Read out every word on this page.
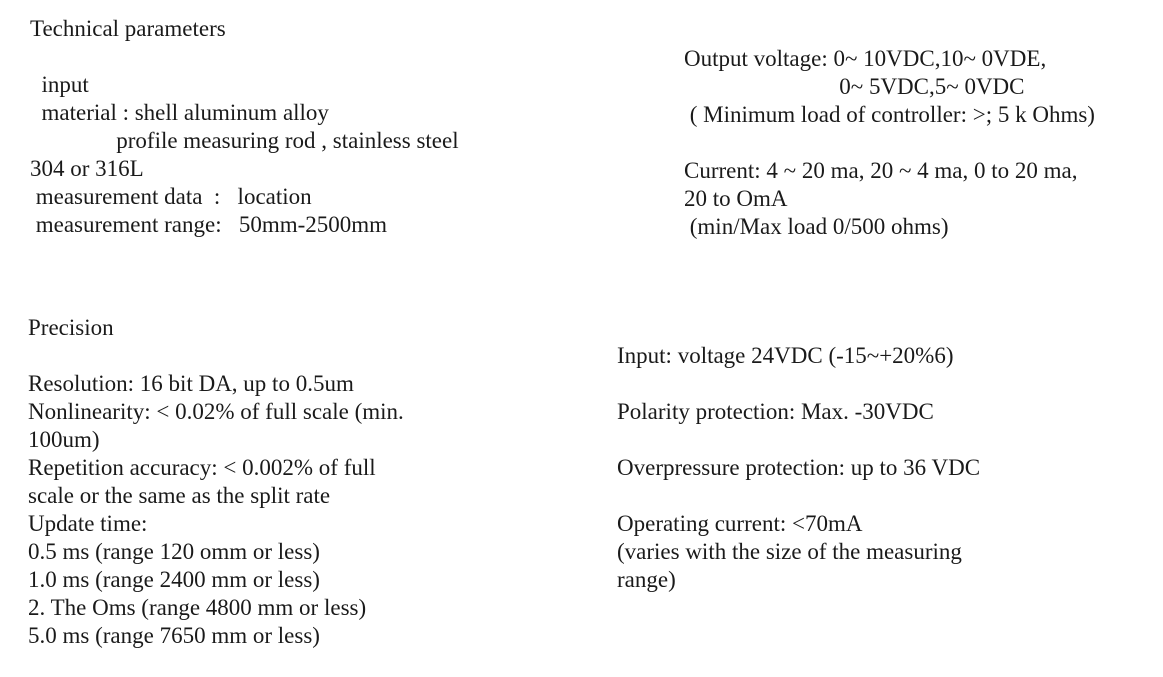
Technical parameters
input
material : shell aluminum alloy
profile measuring rod , stainless steel
304 or 316L
measurement data  :   location
measurement range:   50mm-2500mm
Output voltage: 0~ 10VDC,10~ 0VDE,
0~ 5VDC,5~ 0VDC
( Minimum load of controller: >; 5 k Ohms)
Current: 4 ~ 20 ma, 20 ~ 4 ma, 0 to 20 ma,
20 to OmA
(min/Max load 0/500 ohms)
Precision
Resolution: 16 bit DA, up to 0.5um
Nonlinearity: < 0.02% of full scale (min.
100um)
Repetition accuracy: < 0.002% of full
scale or the same as the split rate
Update time:
0.5 ms (range 120 omm or less)
1.0 ms (range 2400 mm or less)
2. The Oms (range 4800 mm or less)
5.0 ms (range 7650 mm or less)
Input: voltage 24VDC (-15~+20%6)
Polarity protection: Max. -30VDC
Overpressure protection: up to 36 VDC
Operating current: <70mA
(varies with the size of the measuring
range)
